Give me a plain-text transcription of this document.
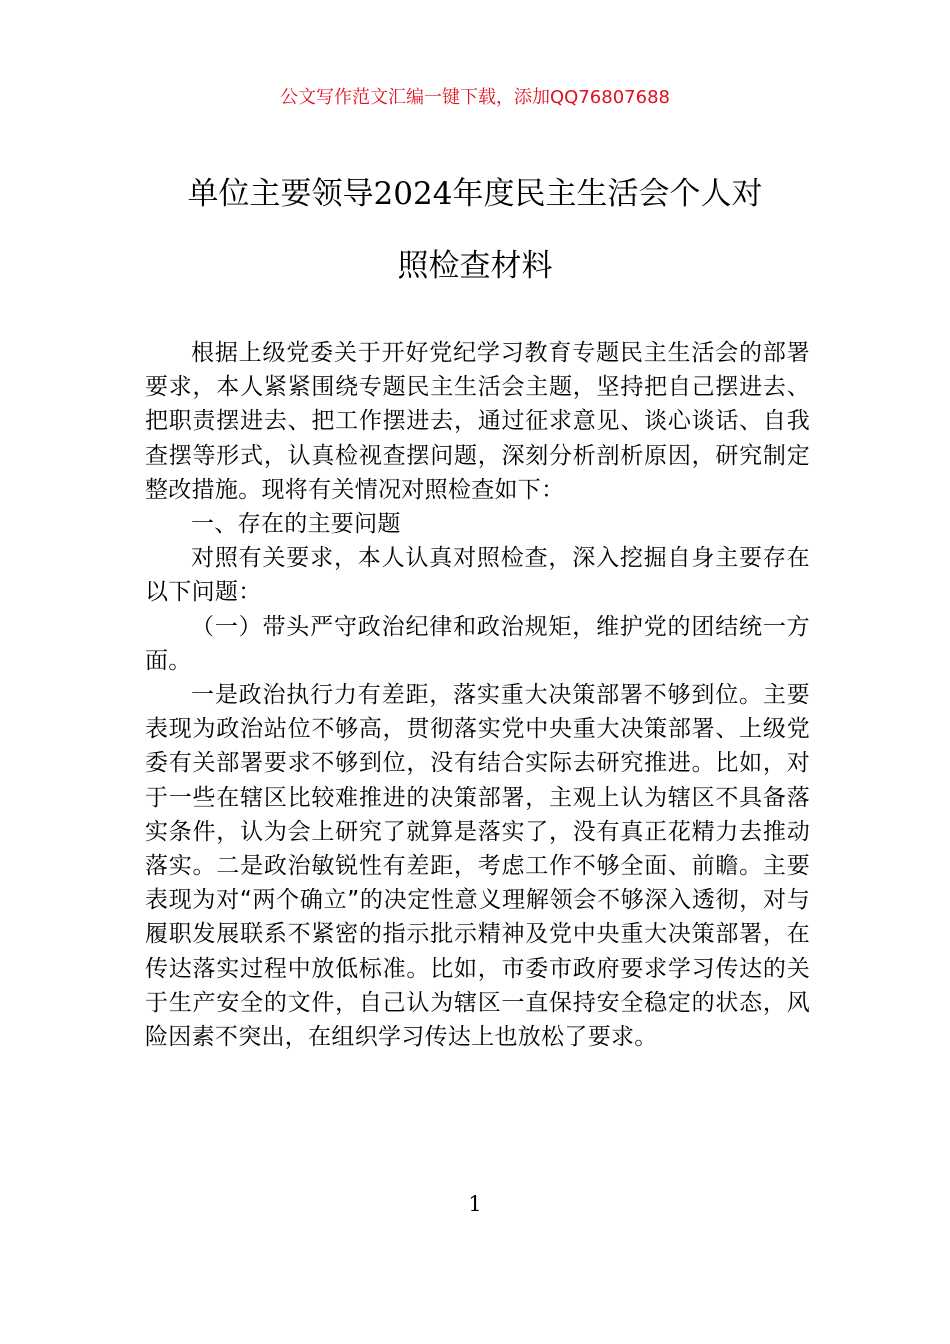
公文写作范文汇编一键下载，添加QQ76807688
单位主要领导2024年度民主生活会个人对
照检查材料

根据上级党委关于开好党纪学习教育专题民主生活会的部署要求，本人紧紧围绕专题民主生活会主题，坚持把自己摆进去、把职责摆进去、把工作摆进去，通过征求意见、谈心谈话、自我查摆等形式，认真检视查摆问题，深刻分析剖析原因，研究制定整改措施。现将有关情况对照检查如下：

一、存在的主要问题

对照有关要求，本人认真对照检查，深入挖掘自身主要存在以下问题：

（一）带头严守政治纪律和政治规矩，维护党的团结统一方面。

一是政治执行力有差距，落实重大决策部署不够到位。主要表现为政治站位不够高，贯彻落实党中央重大决策部署、上级党委有关部署要求不够到位，没有结合实际去研究推进。比如，对于一些在辖区比较难推进的决策部署，主观上认为辖区不具备落实条件，认为会上研究了就算是落实了，没有真正花精力去推动落实。二是政治敏锐性有差距，考虑工作不够全面、前瞻。主要表现为对“两个确立”的决定性意义理解领会不够深入透彻，对与履职发展联系不紧密的指示批示精神及党中央重大决策部署，在传达落实过程中放低标准。比如，市委市政府要求学习传达的关于生产安全的文件，自己认为辖区一直保持安全稳定的状态，风险因素不突出，在组织学习传达上也放松了要求。

1
